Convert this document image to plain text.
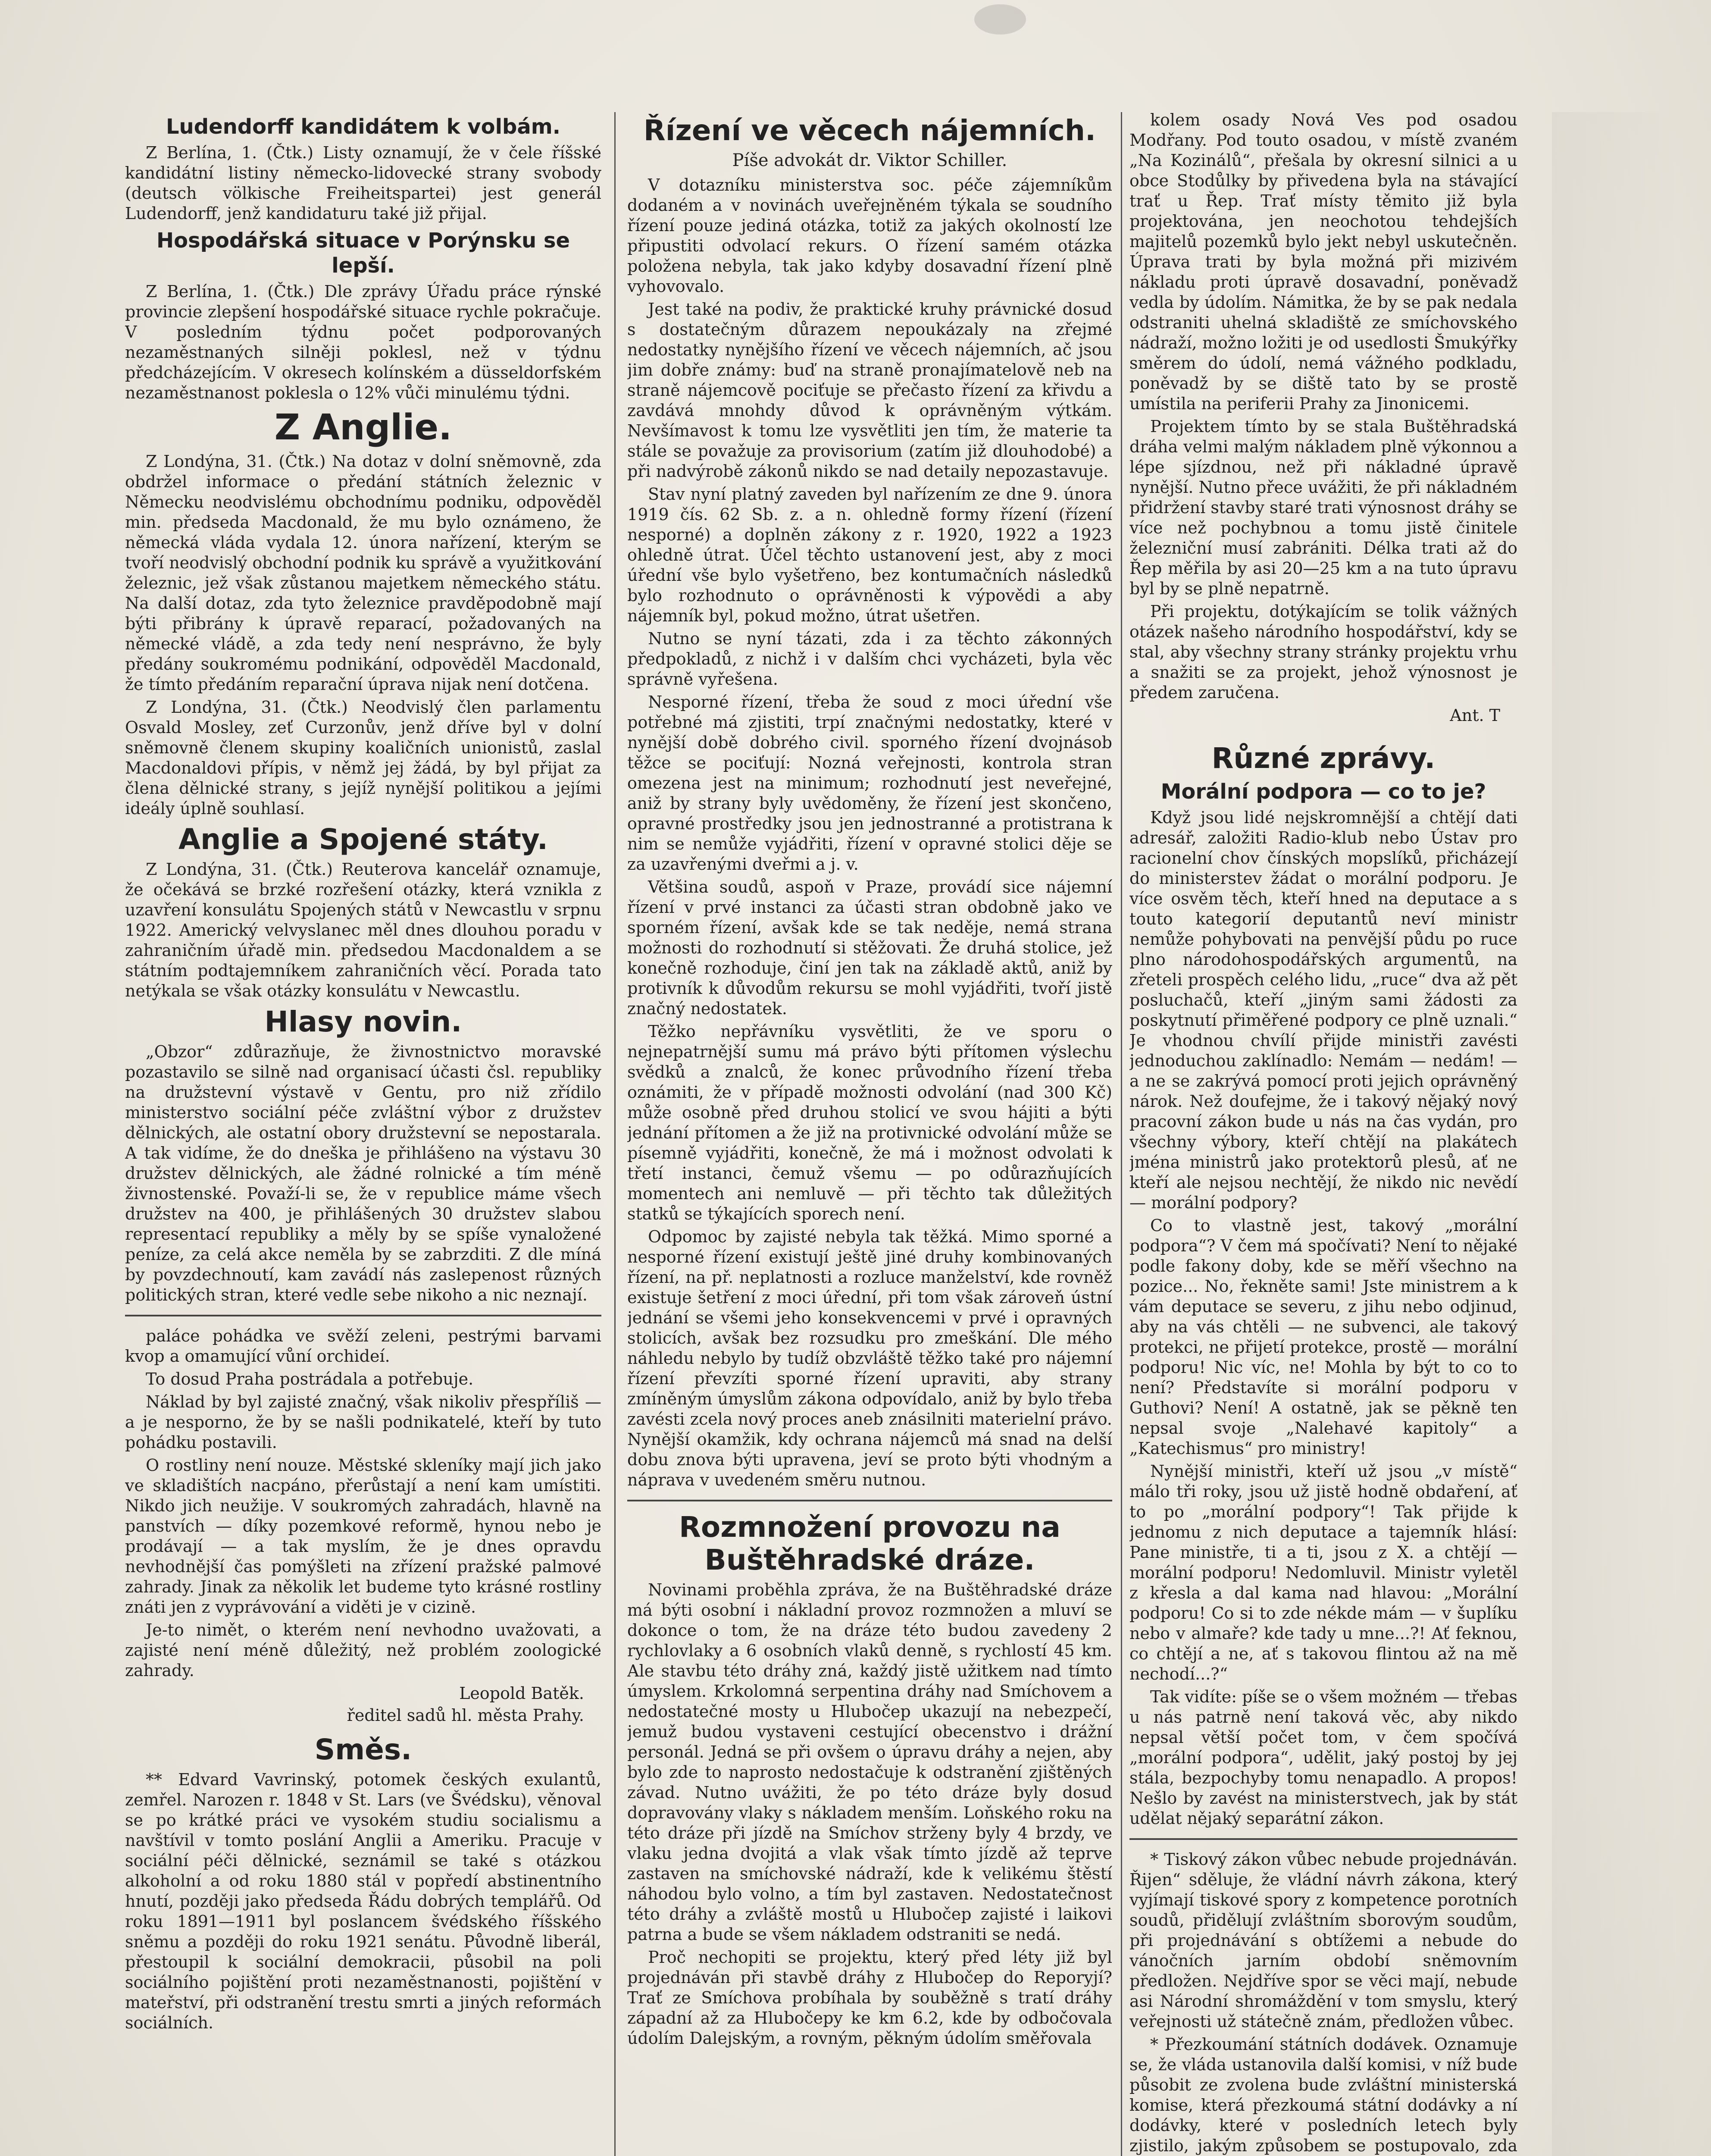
Ludendorff kandidátem k volbám.

Z Berlína, 1. (Čtk.) Listy oznamují, že v čele říšské kandidátní listiny německo-lidovecké strany svobody (deutsch völkische Freiheitspartei) jest generál Ludendorff, jenž kandidaturu také již přijal.

Hospodářská situace v Porýnsku se lepší.

Z Berlína, 1. (Čtk.) Dle zprávy Úřadu práce rýnské provincie zlepšení hospodářské situace rychle pokračuje. V posledním týdnu počet podporovaných nezaměstnaných silněji poklesl, než v týdnu předcházejícím. V okresech kolínském a düsseldorfském nezaměstnanost poklesla o 12% vůči minulému týdni.

Z Anglie.

Z Londýna, 31. (Čtk.) Na dotaz v dolní sněmovně, zda obdržel informace o předání státních železnic v Německu neodvislému obchodnímu podniku, odpověděl min. předseda Macdonald, že mu bylo oznámeno, že německá vláda vydala 12. února nařízení, kterým se tvoří neodvislý obchodní podnik ku správě a využitkování železnic, jež však zůstanou majetkem německého státu. Na další dotaz, zda tyto železnice pravděpodobně mají býti přibrány k úpravě reparací, požadovaných na německé vládě, a zda tedy není nesprávno, že byly předány soukromému podnikání, odpověděl Macdonald, že tímto předáním reparační úprava nijak není dotčena.

Z Londýna, 31. (Čtk.) Neodvislý člen parlamentu Osvald Mosley, zeť Curzonův, jenž dříve byl v dolní sněmovně členem skupiny koaličních unionistů, zaslal Macdonaldovi přípis, v němž jej žádá, by byl přijat za člena dělnické strany, s jejíž nynější politikou a jejími ideály úplně souhlasí.

Anglie a Spojené státy.

Z Londýna, 31. (Čtk.) Reuterova kancelář oznamuje, že očekává se brzké rozřešení otázky, která vznikla z uzavření konsulátu Spojených států v Newcastlu v srpnu 1922. Americký velvyslanec měl dnes dlouhou poradu v zahraničním úřadě min. předsedou Macdonaldem a se státním podtajemníkem zahraničních věcí. Porada tato netýkala se však otázky konsulátu v Newcastlu.

Hlasy novin.

„Obzor“ zdůrazňuje, že živnostnictvo moravské pozastavilo se silně nad organisací účasti čsl. republiky na družstevní výstavě v Gentu, pro niž zřídilo ministerstvo sociální péče zvláštní výbor z družstev dělnických, ale ostatní obory družstevní se nepostarala. A tak vidíme, že do dneška je přihlášeno na výstavu 30 družstev dělnických, ale žádné rolnické a tím méně živnostenské. Považí-li se, že v republice máme všech družstev na 400, je přihlášených 30 družstev slabou representací republiky a měly by se spíše vynaložené peníze, za celá akce neměla by se zabrzditi. Z dle míná by povzdechnoutí, kam zavádí nás zaslepenost různých politických stran, které vedle sebe nikoho a nic neznají.

paláce pohádka ve svěží zeleni, pestrými barvami kvop a omamující vůní orchideí.

To dosud Praha postrádala a potřebuje.

Náklad by byl zajisté značný, však nikoliv přespříliš — a je nesporno, že by se našli podnikatelé, kteří by tuto pohádku postavili.

O rostliny není nouze. Městské skleníky mají jich jako ve skladištích nacpáno, přerůstají a není kam umístiti. Nikdo jich neužije. V soukromých zahradách, hlavně na panstvích — díky pozemkové reformě, hynou nebo je prodávají — a tak myslím, že je dnes opravdu nevhodnější čas pomýšleti na zřízení pražské palmové zahrady. Jinak za několik let budeme tyto krásné rostliny znáti jen z vyprávování a viděti je v cizině.

Je-to nimět, o kterém není nevhodno uvažovati, a zajisté není méně důležitý, než problém zoologické zahrady.

Leopold Batěk.
ředitel sadů hl. města Prahy.
Směs.

** Edvard Vavrinský, potomek českých exulantů, zemřel. Narozen r. 1848 v St. Lars (ve Švédsku), věnoval se po krátké práci ve vysokém studiu socialismu a navštívil v tomto poslání Anglii a Ameriku. Pracuje v sociální péči dělnické, seznámil se také s otázkou alkoholní a od roku 1880 stál v popředí abstinentního hnutí, později jako předseda Řádu dobrých templářů. Od roku 1891—1911 byl poslancem švédského říšského sněmu a později do roku 1921 senátu. Původně liberál, přestoupil k sociální demokracii, působil na poli sociálního pojištění proti nezaměstnanosti, pojištění v mateřství, při odstranění trestu smrti a jiných reformách sociálních.

Řízení ve věcech nájemních.
Píše advokát dr. Viktor Schiller.

V dotazníku ministerstva soc. péče zájemníkům dodaném a v novinách uveřejněném týkala se soudního řízení pouze jediná otázka, totiž za jakých okolností lze připustiti odvolací rekurs. O řízení samém otázka položena nebyla, tak jako kdyby dosavadní řízení plně vyhovovalo.

Jest také na podiv, že praktické kruhy právnické dosud s dostatečným důrazem nepoukázaly na zřejmé nedostatky nynějšího řízení ve věcech nájemních, ač jsou jim dobře známy: buď na straně pronajímatelově neb na straně nájemcově pociťuje se přečasto řízení za křivdu a zavdává mnohdy důvod k oprávněným výtkám. Nevšímavost k tomu lze vysvětliti jen tím, že materie ta stále se považuje za provisorium (zatím již dlouhodobé) a při nadvýrobě zákonů nikdo se nad detaily nepozastavuje.

Stav nyní platný zaveden byl nařízením ze dne 9. února 1919 čís. 62 Sb. z. a n. ohledně formy řízení (řízení nesporné) a doplněn zákony z r. 1920, 1922 a 1923 ohledně útrat. Účel těchto ustanovení jest, aby z moci úřední vše bylo vyšetřeno, bez kontumačních následků bylo rozhodnuto o oprávněnosti k výpovědi a aby nájemník byl, pokud možno, útrat ušetřen.

Nutno se nyní tázati, zda i za těchto zákonných předpokladů, z nichž i v dalším chci vycházeti, byla věc správně vyřešena.

Nesporné řízení, třeba že soud z moci úřední vše potřebné má zjistiti, trpí značnými nedostatky, které v nynější době dobrého civil. sporného řízení dvojnásob těžce se pociťují: Nozná veřejnosti, kontrola stran omezena jest na minimum; rozhodnutí jest neveřejné, aniž by strany byly uvědoměny, že řízení jest skončeno, opravné prostředky jsou jen jednostranné a protistrana k nim se nemůže vyjádřiti, řízení v opravné stolici děje se za uzavřenými dveřmi a j. v.

Většina soudů, aspoň v Praze, provádí sice nájemní řízení v prvé instanci za účasti stran obdobně jako ve sporném řízení, avšak kde se tak neděje, nemá strana možnosti do rozhodnutí si stěžovati. Že druhá stolice, jež konečně rozhoduje, činí jen tak na základě aktů, aniž by protivník k důvodům rekursu se mohl vyjádřiti, tvoří jistě značný nedostatek.

Těžko nepřávníku vysvětliti, že ve sporu o nejnepatrnější sumu má právo býti přítomen výslechu svědků a znalců, že konec průvodního řízení třeba oznámiti, že v případě možnosti odvolání (nad 300 Kč) může osobně před druhou stolicí ve svou hájiti a býti jednání přítomen a že již na protivnické odvolání může se písemně vyjádřiti, konečně, že má i možnost odvolati k třetí instanci, čemuž všemu — po odůrazňujících momentech ani nemluvě — při těchto tak důležitých statků se týkajících sporech není.

Odpomoc by zajisté nebyla tak těžká. Mimo sporné a nesporné řízení existují ještě jiné druhy kombinovaných řízení, na př. neplatnosti a rozluce manželství, kde rovněž existuje šetření z moci úřední, při tom však zároveň ústní jednání se všemi jeho konsekvencemi v prvé i opravných stolicích, avšak bez rozsudku pro zmeškání. Dle mého náhledu nebylo by tudíž obzvláště těžko také pro nájemní řízení převzíti sporné řízení upraviti, aby strany zmíněným úmyslům zákona odpovídalo, aniž by bylo třeba zavésti zcela nový proces aneb znásilniti materielní právo. Nynější okamžik, kdy ochrana nájemců má snad na delší dobu znova býti upravena, jeví se proto býti vhodným a náprava v uvedeném směru nutnou.

Rozmnožení provozu na Buštěhradské dráze.

Novinami proběhla zpráva, že na Buštěhradské dráze má býti osobní i nákladní provoz rozmnožen a mluví se dokonce o tom, že na dráze této budou zavedeny 2 rychlovlaky a 6 osobních vlaků denně, s rychlostí 45 km. Ale stavbu této dráhy zná, každý jistě užitkem nad tímto úmyslem. Krkolomná serpentina dráhy nad Smíchovem a nedostatečné mosty u Hlubočep ukazují na nebezpečí, jemuž budou vystaveni cestující obecenstvo i drážní personál. Jedná se při ovšem o úpravu dráhy a nejen, aby bylo zde to naprosto nedostačuje k odstranění zjištěných závad. Nutno uvážiti, že po této dráze byly dosud dopravovány vlaky s nákladem menším. Loňského roku na této dráze při jízdě na Smíchov strženy byly 4 brzdy, ve vlaku jedna dvojitá a vlak však tímto jízdě až teprve zastaven na smíchovské nádraží, kde k velikému štěstí náhodou bylo volno, a tím byl zastaven. Nedostatečnost této dráhy a zvláště mostů u Hlubočep zajisté i laikovi patrna a bude se všem nákladem odstraniti se nedá.

Proč nechopiti se projektu, který před léty již byl projednáván při stavbě dráhy z Hlubočep do Reporyjí? Trať ze Smíchova probíhala by souběžně s tratí dráhy západní až za Hlubočepy ke km 6.2, kde by odbočovala údolím Dalejským, a rovným, pěkným údolím směřovala

kolem osady Nová Ves pod osadou Modřany. Pod touto osadou, v místě zvaném „Na Kozinálů“, přešala by okresní silnici a u obce Stodůlky by přivedena byla na stávající trať u Řep. Trať místy těmito již byla projektována, jen neochotou tehdejších majitelů pozemků bylo jekt nebyl uskutečněn. Úprava trati by byla možná při mizivém nákladu proti úpravě dosavadní, poněvadž vedla by údolím. Námitka, že by se pak nedala odstraniti uhelná skladiště ze smíchovského nádraží, možno ložiti je od usedlosti Šmukýřky směrem do údolí, nemá vážného podkladu, poněvadž by se diště tato by se prostě umístila na periferii Prahy za Jinonicemi.

Projektem tímto by se stala Buštěhradská dráha velmi malým nákladem plně výkonnou a lépe sjízdnou, než při nákladné úpravě nynější. Nutno přece uvážiti, že při nákladném přidržení stavby staré trati výnosnost dráhy se více než pochybnou a tomu jistě činitele železniční musí zabrániti. Délka trati až do Řep měřila by asi 20—25 km a na tuto úpravu byl by se plně nepatrně.

Při projektu, dotýkajícím se tolik vážných otázek našeho národního hospodářství, kdy se stal, aby všechny strany stránky projektu vrhu a snažiti se za projekt, jehož výnosnost je předem zaručena.

Ant. T
Různé zprávy.
Morální podpora — co to je?

Když jsou lidé nejskromnější a chtějí dati adresář, založiti Radio-klub nebo Ústav pro racionelní chov čínských mopslíků, přicházejí do ministerstev žádat o morální podporu. Je více osvěm těch, kteří hned na deputace a s touto kategorií deputantů neví ministr nemůže pohybovati na penvější půdu po ruce plno národohospodářských argumentů, na zřeteli prospěch celého lidu, „ruce“ dva až pět posluchačů, kteří „jiným sami žádosti za poskytnutí přiměřené podpory ce plně uznali.“ Je vhodnou chvílí přijde ministři zavésti jednoduchou zaklínadlo: Nemám — nedám! — a ne se zakrývá pomocí proti jejich oprávněný nárok. Než doufejme, že i takový nějaký nový pracovní zákon bude u nás na čas vydán, pro všechny výbory, kteří chtějí na plakátech jména ministrů jako protektorů plesů, ať ne kteří ale nejsou nechtějí, že nikdo nic nevědí — morální podpory?

Co to vlastně jest, takový „morální podpora“? V čem má spočívati? Není to nějaké podle fakony doby, kde se měří všechno na pozice... No, řekněte sami! Jste ministrem a k vám deputace se severu, z jihu nebo odjinud, aby na vás chtěli — ne subvenci, ale takový protekci, ne přijetí protekce, prostě — morální podporu! Nic víc, ne! Mohla by být to co to není? Představíte si morální podporu v Guthovi? Není! A ostatně, jak se pěkně ten nepsal svoje „Nalehavé kapitoly“ a „Katechismus“ pro ministry!

Nynější ministři, kteří už jsou „v místě“ málo tři roky, jsou už jistě hodně obdaření, ať to po „morální podpory“! Tak přijde k jednomu z nich deputace a tajemník hlásí: Pane ministře, ti a ti, jsou z X. a chtějí — morální podporu! Nedomluvil. Ministr vyletěl z křesla a dal kama nad hlavou: „Morální podporu! Co si to zde nékde mám — v šuplíku nebo v almaře? kde tady u mne...?! Ať feknou, co chtějí a ne, ať s takovou flintou až na mě nechodí...?“

Tak vidíte: píše se o všem možném — třebas u nás patrně není taková věc, aby nikdo nepsal větší počet tom, v čem spočívá „morální podpora“, udělit, jaký postoj by jej stála, bezpochyby tomu nenapadlo. A propos! Nešlo by zavést na ministerstvech, jak by stát udělat nějaký separátní zákon.

* Tiskový zákon vůbec nebude projednáván. Řijen“ sděluje, že vládní návrh zákona, který vyjímají tiskové spory z kompetence porotních soudů, přidělují zvláštním sborovým soudům, při projednávání s obtížemi a nebude do vánočních jarním období sněmovním předložen. Nejdříve spor se věci mají, nebude asi Národní shromáždění v tom smyslu, který veřejnosti už státečně znám, předložen vůbec.

* Přezkoumání státních dodávek. Oznamuje se, že vláda ustanovila další komisi, v níž bude působit ze zvolena bude zvláštní ministerská komise, která přezkoumá státní dodávky a ní dodávky, které v posledních letech byly zjistilo, jakým způsobem se postupovalo, zda
